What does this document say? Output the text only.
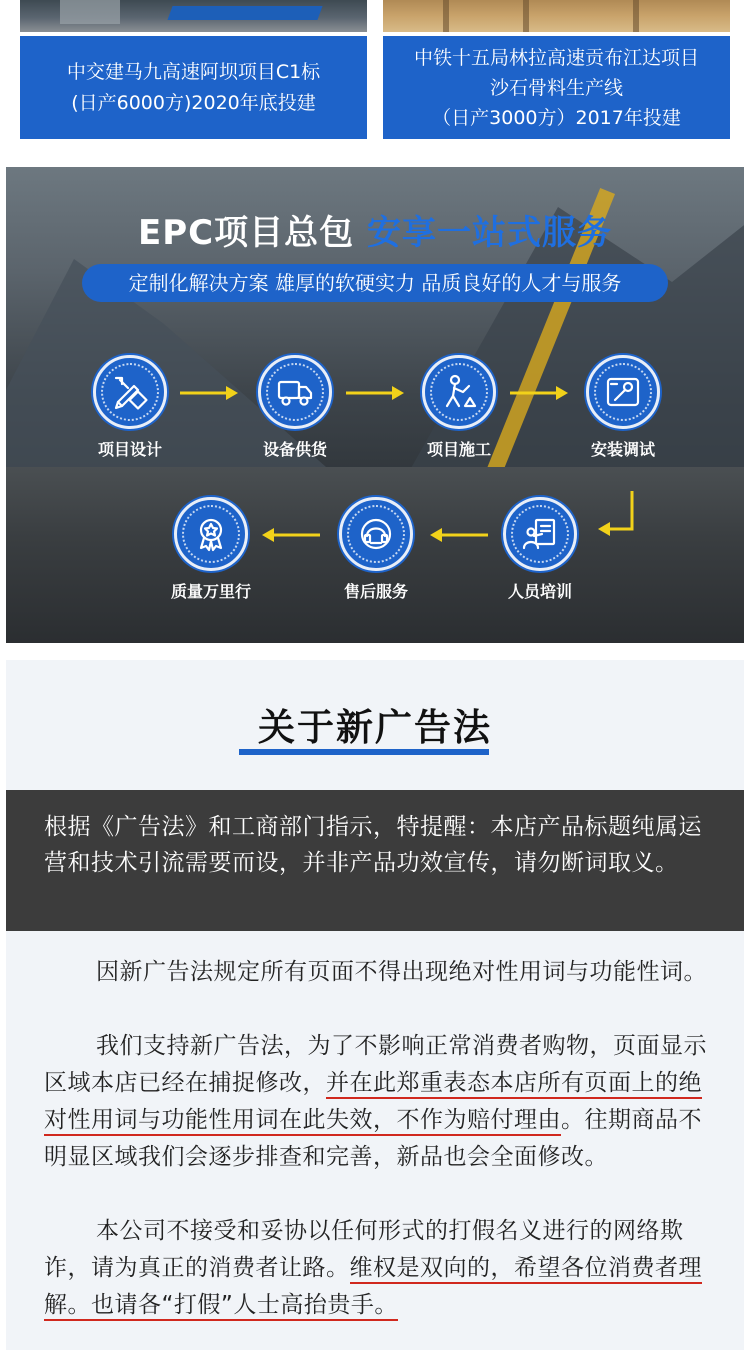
中交建马九高速阿坝项目C1标
(日产6000方)2020年底投建
中铁十五局林拉高速贡布江达项目
沙石骨料生产线
（日产3000方）2017年投建
EPC项目总包 安享一站式服务
定制化解决方案 雄厚的软硬实力 品质良好的人才与服务
项目设计	设备供货	项目施工	安装调试
人员培训
售后服务
质量万里行
关于新广告法
根据《广告法》和工商部门指示，特提醒：本店产品标题纯属运营和技术引流需要而设，并非产品功效宣传，请勿断词取义。
因新广告法规定所有页面不得出现绝对性用词与功能性词。
我们支持新广告法，为了不影响正常消费者购物，页面显示区域本店已经在捕捉修改，并在此郑重表态本店所有页面上的绝对性用词与功能性用词在此失效，不作为赔付理由。往期商品不明显区域我们会逐步排查和完善，新品也会全面修改。
本公司不接受和妥协以任何形式的打假名义进行的网络欺诈，请为真正的消费者让路。维权是双向的，希望各位消费者理解。也请各“打假”人士高抬贵手。
